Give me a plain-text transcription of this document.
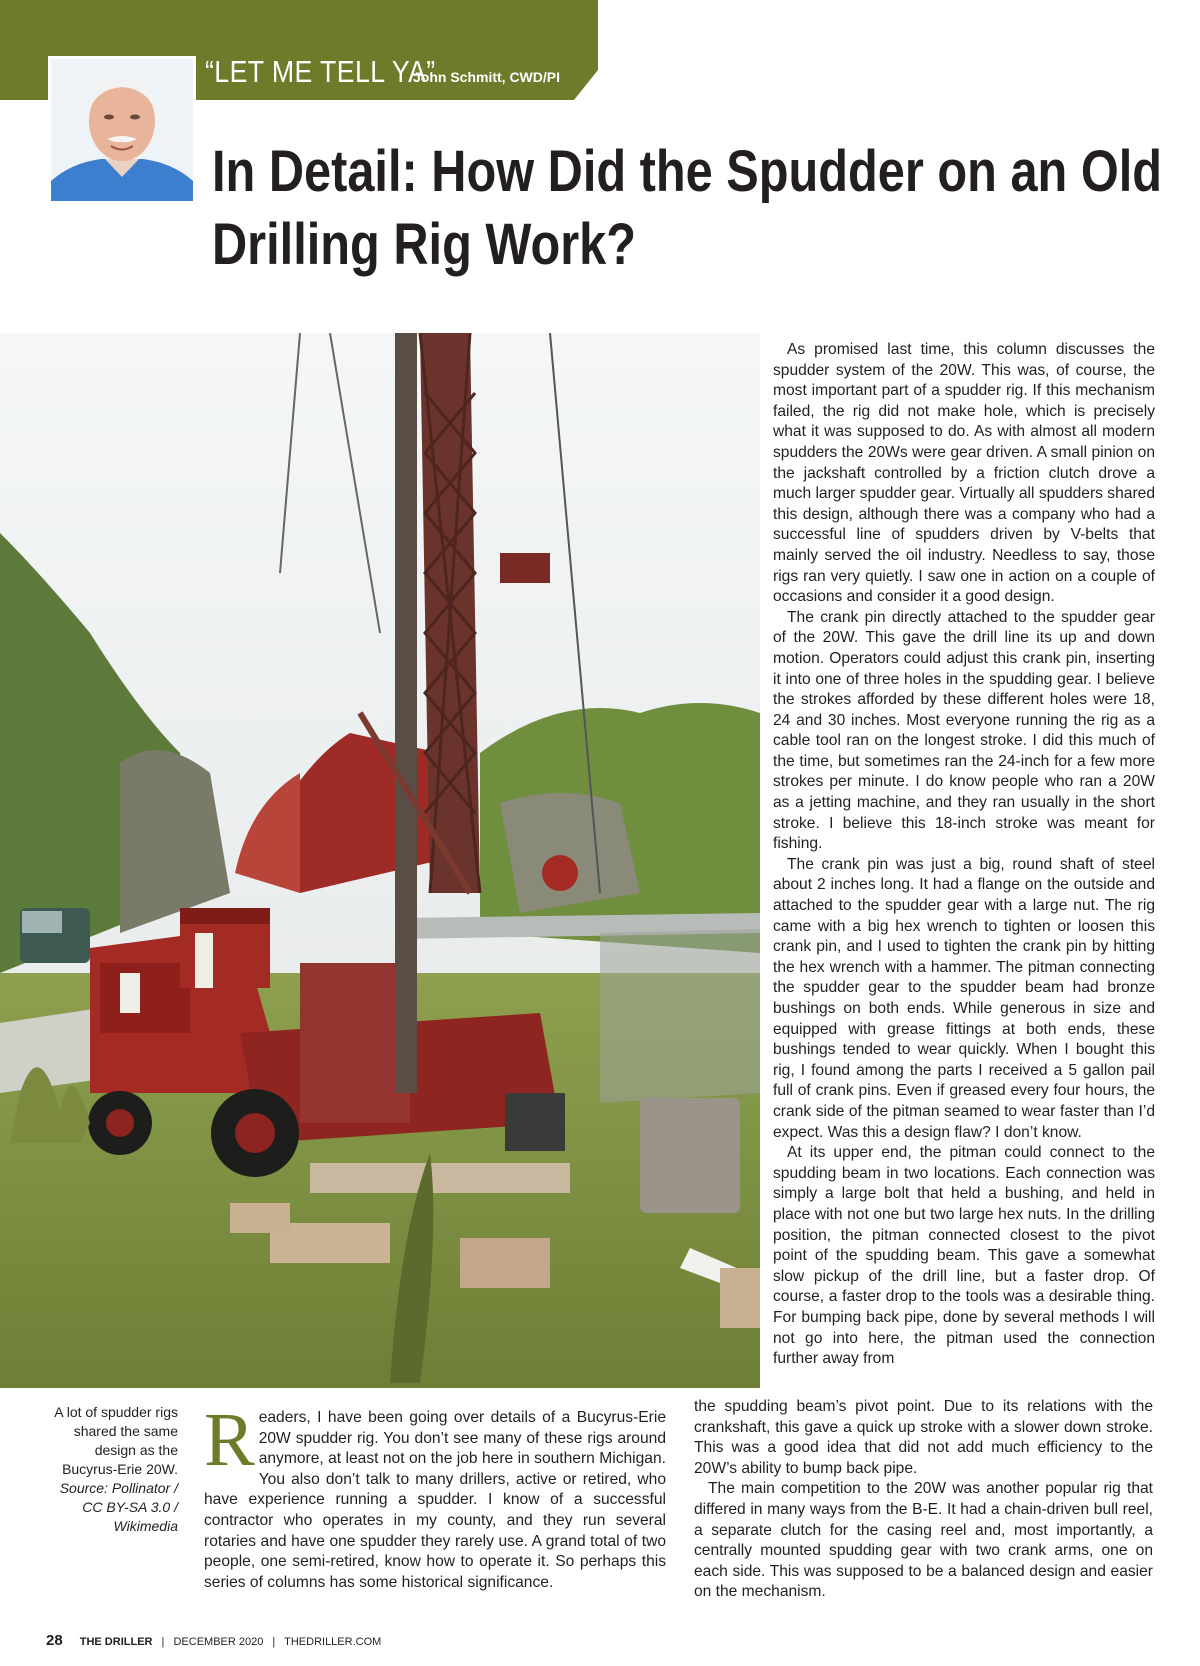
“LET ME TELL YA”
John Schmitt, CWD/PI
In Detail: How Did the Spudder on an Old
Drilling Rig Work?
A lot of spudder rigs shared the same design as the Bucyrus-Erie 20W. Source: Pollinator / CC BY-SA 3.0 / Wikimedia

As promised last time, this column discusses the spudder system of the 20W. This was, of course, the most important part of a spudder rig. If this mechanism failed, the rig did not make hole, which is precisely what it was supposed to do. As with almost all modern spudders the 20Ws were gear driven. A small pinion on the jackshaft controlled by a friction clutch drove a much larger spudder gear. Virtually all spudders shared this design, although there was a company who had a successful line of spudders driven by V-belts that mainly served the oil industry. Needless to say, those rigs ran very quietly. I saw one in action on a couple of occasions and consider it a good design.

The crank pin directly attached to the spudder gear of the 20W. This gave the drill line its up and down motion. Operators could adjust this crank pin, inserting it into one of three holes in the spudding gear. I believe the strokes afforded by these different holes were 18, 24 and 30 inches. Most everyone running the rig as a cable tool ran on the longest stroke. I did this much of the time, but sometimes ran the 24-inch for a few more strokes per minute. I do know people who ran a 20W as a jetting machine, and they ran usually in the short stroke. I believe this 18-inch stroke was meant for fishing.

The crank pin was just a big, round shaft of steel about 2 inches long. It had a flange on the outside and attached to the spudder gear with a large nut. The rig came with a big hex wrench to tighten or loosen this crank pin, and I used to tighten the crank pin by hitting the hex wrench with a hammer. The pitman connecting the spudder gear to the spudder beam had bronze bushings on both ends. While generous in size and equipped with grease fittings at both ends, these bushings tended to wear quickly. When I bought this rig, I found among the parts I received a 5 gallon pail full of crank pins. Even if greased every four hours, the crank side of the pitman seamed to wear faster than I’d expect. Was this a design flaw? I don’t know.

At its upper end, the pitman could connect to the spudding beam in two locations. Each connection was simply a large bolt that held a bushing, and held in place with not one but two large hex nuts. In the drilling position, the pitman connected closest to the pivot point of the spudding beam. This gave a somewhat slow pickup of the drill line, but a faster drop. Of course, a faster drop to the tools was a desirable thing. For bumping back pipe, done by several methods I will not go into here, the pitman used the connection further away from

the spudding beam’s pivot point. Due to its relations with the crankshaft, this gave a quick up stroke with a slower down stroke. This was a good idea that did not add much efficiency to the 20W’s ability to bump back pipe.

The main competition to the 20W was another popular rig that differed in many ways from the B-E. It had a chain-driven bull reel, a separate clutch for the casing reel and, most importantly, a centrally mounted spudding gear with two crank arms, one on each side. This was supposed to be a balanced design and easier on the mechanism.

Readers, I have been going over details of a Bucyrus-Erie 20W spudder rig. You don’t see many of these rigs around anymore, at least not on the job here in southern Michigan. You also don’t talk to many drillers, active or retired, who have experience running a spudder. I know of a successful contractor who operates in my county, and they run several rotaries and have one spudder they rarely use. A grand total of two people, one semi-retired, know how to operate it. So perhaps this series of columns has some historical significance.

28 THE DRILLER | DECEMBER 2020 | THEDRILLER.COM
